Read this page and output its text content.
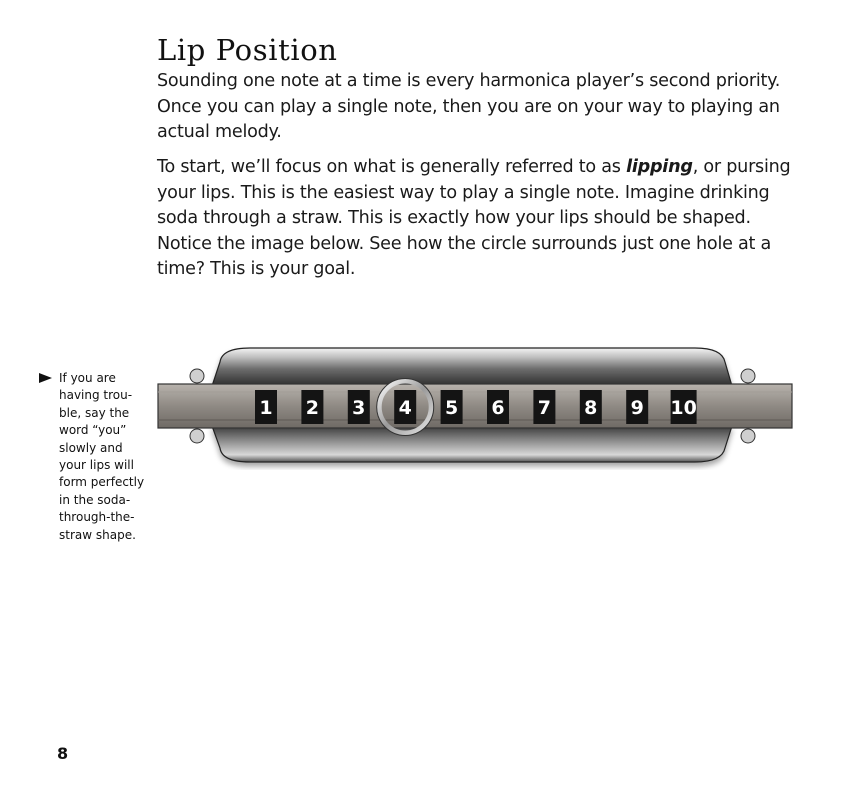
Lip Position

Sounding one note at a time is every harmonica player’s second priority. Once you can play a single note, then you are on your way to playing an actual melody.

To start, we’ll focus on what is generally referred to as lipping, or pursing your lips. This is the easiest way to play a single note. Imagine drinking soda through a straw. This is exactly how your lips should be shaped. Notice the image below. See how the circle surrounds just one hole at a time? This is your goal.

If you are
having trou-
ble, say the
word “you”
slowly and
your lips will
form perfectly
in the soda-
through-the-
straw shape.

1 2 3 4 5 6 7 8 9 10
8
